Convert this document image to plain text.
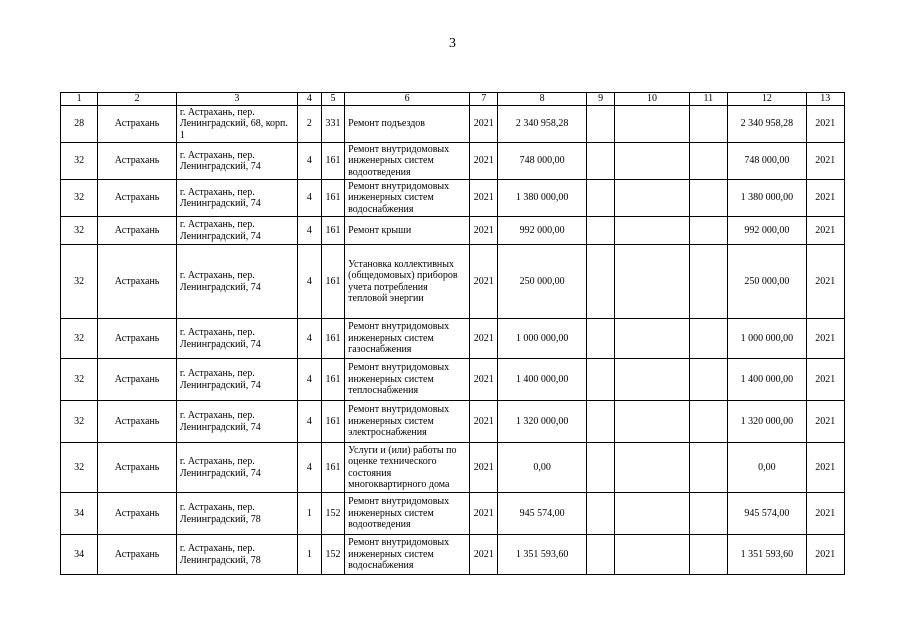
3
1	2	3	4	5	6	7	8	9	10	11	12	13
28	Астрахань	г. Астрахань, пер. Ленинградский, 68, корп. 1	2	331	Ремонт подъездов	2021	2 340 958,28				2 340 958,28	2021
32	Астрахань	г. Астрахань, пер. Ленинградский, 74	4	161	Ремонт внутридомовых инженерных систем водоотведения	2021	748 000,00				748 000,00	2021
32	Астрахань	г. Астрахань, пер. Ленинградский, 74	4	161	Ремонт внутридомовых инженерных систем водоснабжения	2021	1 380 000,00				1 380 000,00	2021
32	Астрахань	г. Астрахань, пер. Ленинградский, 74	4	161	Ремонт крыши	2021	992 000,00				992 000,00	2021
32	Астрахань	г. Астрахань, пер. Ленинградский, 74	4	161	Установка коллективных (общедомовых) приборов учета потребления тепловой энергии	2021	250 000,00				250 000,00	2021
32	Астрахань	г. Астрахань, пер. Ленинградский, 74	4	161	Ремонт внутридомовых инженерных систем газоснабжения	2021	1 000 000,00				1 000 000,00	2021
32	Астрахань	г. Астрахань, пер. Ленинградский, 74	4	161	Ремонт внутридомовых инженерных систем теплоснабжения	2021	1 400 000,00				1 400 000,00	2021
32	Астрахань	г. Астрахань, пер. Ленинградский, 74	4	161	Ремонт внутридомовых инженерных систем электроснабжения	2021	1 320 000,00				1 320 000,00	2021
32	Астрахань	г. Астрахань, пер. Ленинградский, 74	4	161	Услуги и (или) работы по оценке технического состояния многоквартирного дома	2021	0,00				0,00	2021
34	Астрахань	г. Астрахань, пер. Ленинградский, 78	1	152	Ремонт внутридомовых инженерных систем водоотведения	2021	945 574,00				945 574,00	2021
34	Астрахань	г. Астрахань, пер. Ленинградский, 78	1	152	Ремонт внутридомовых инженерных систем водоснабжения	2021	1 351 593,60				1 351 593,60	2021
